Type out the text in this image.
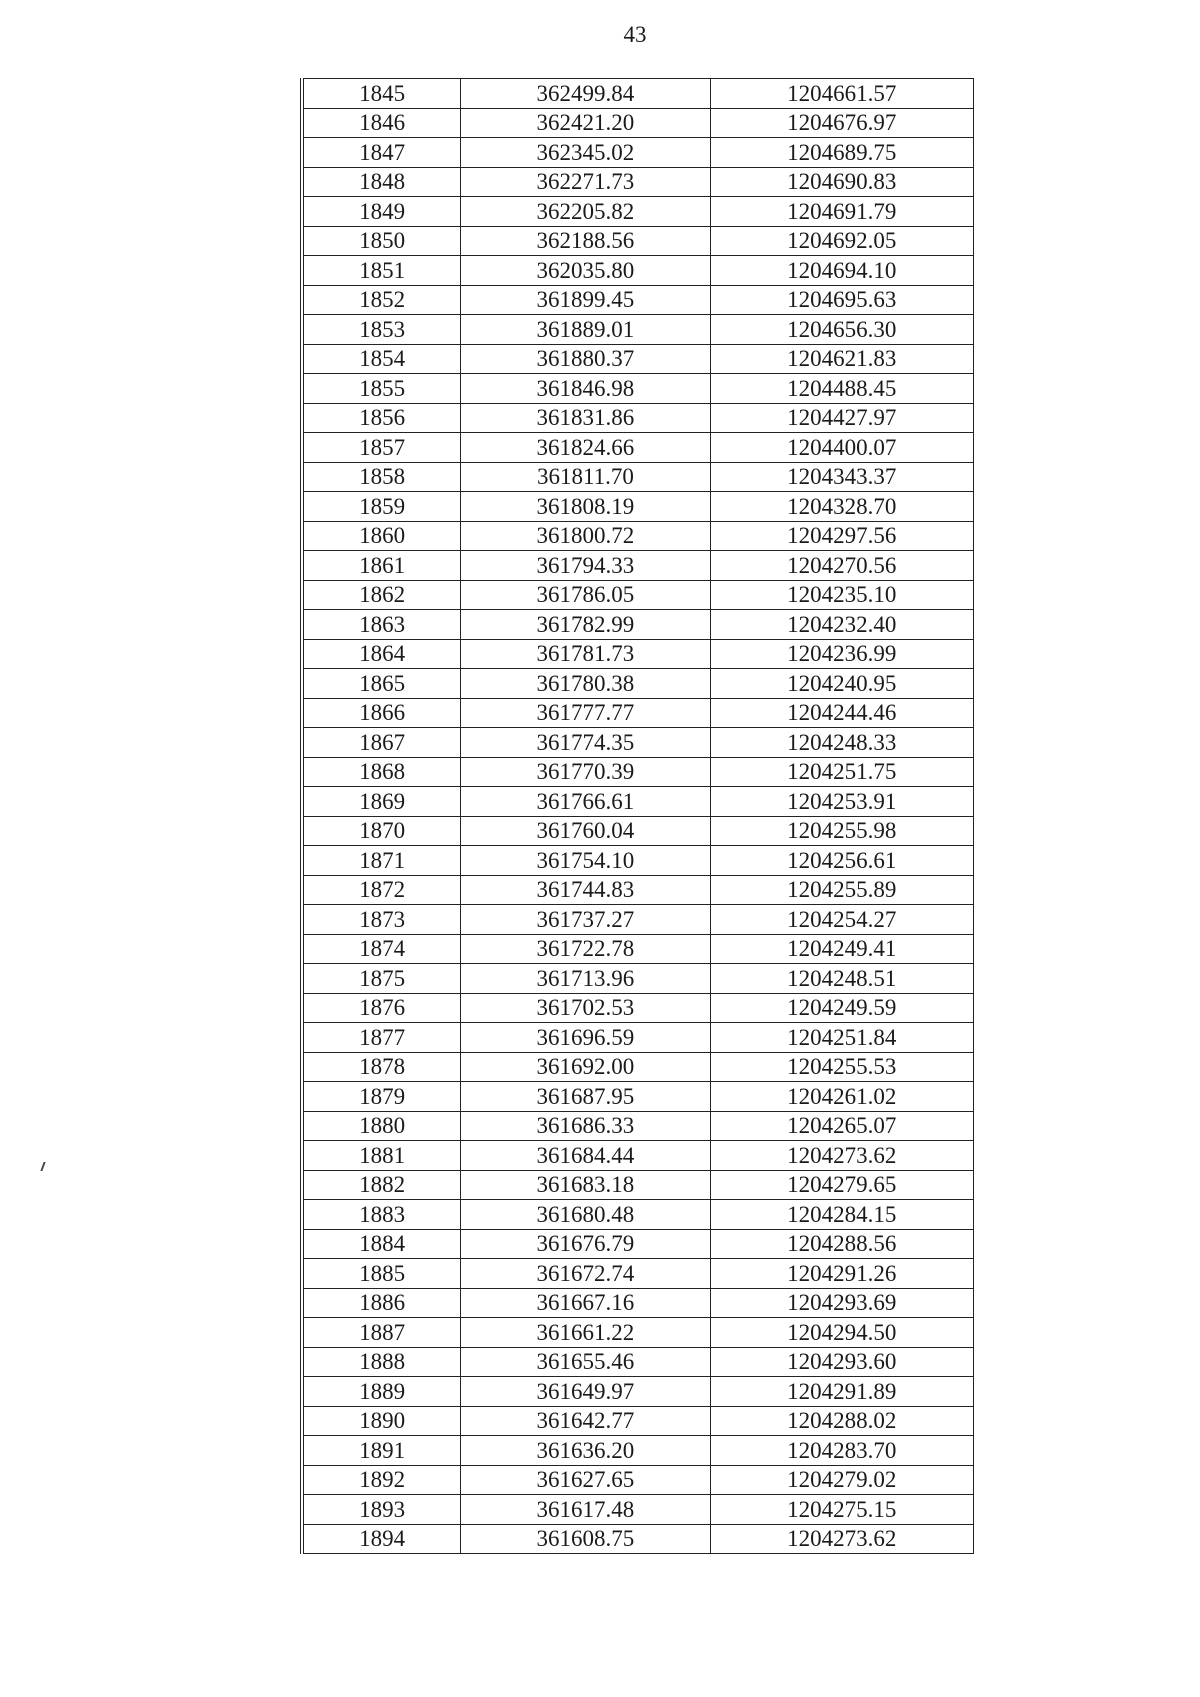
43
1845	362499.84	1204661.57
1846	362421.20	1204676.97
1847	362345.02	1204689.75
1848	362271.73	1204690.83
1849	362205.82	1204691.79
1850	362188.56	1204692.05
1851	362035.80	1204694.10
1852	361899.45	1204695.63
1853	361889.01	1204656.30
1854	361880.37	1204621.83
1855	361846.98	1204488.45
1856	361831.86	1204427.97
1857	361824.66	1204400.07
1858	361811.70	1204343.37
1859	361808.19	1204328.70
1860	361800.72	1204297.56
1861	361794.33	1204270.56
1862	361786.05	1204235.10
1863	361782.99	1204232.40
1864	361781.73	1204236.99
1865	361780.38	1204240.95
1866	361777.77	1204244.46
1867	361774.35	1204248.33
1868	361770.39	1204251.75
1869	361766.61	1204253.91
1870	361760.04	1204255.98
1871	361754.10	1204256.61
1872	361744.83	1204255.89
1873	361737.27	1204254.27
1874	361722.78	1204249.41
1875	361713.96	1204248.51
1876	361702.53	1204249.59
1877	361696.59	1204251.84
1878	361692.00	1204255.53
1879	361687.95	1204261.02
1880	361686.33	1204265.07
1881	361684.44	1204273.62
1882	361683.18	1204279.65
1883	361680.48	1204284.15
1884	361676.79	1204288.56
1885	361672.74	1204291.26
1886	361667.16	1204293.69
1887	361661.22	1204294.50
1888	361655.46	1204293.60
1889	361649.97	1204291.89
1890	361642.77	1204288.02
1891	361636.20	1204283.70
1892	361627.65	1204279.02
1893	361617.48	1204275.15
1894	361608.75	1204273.62
